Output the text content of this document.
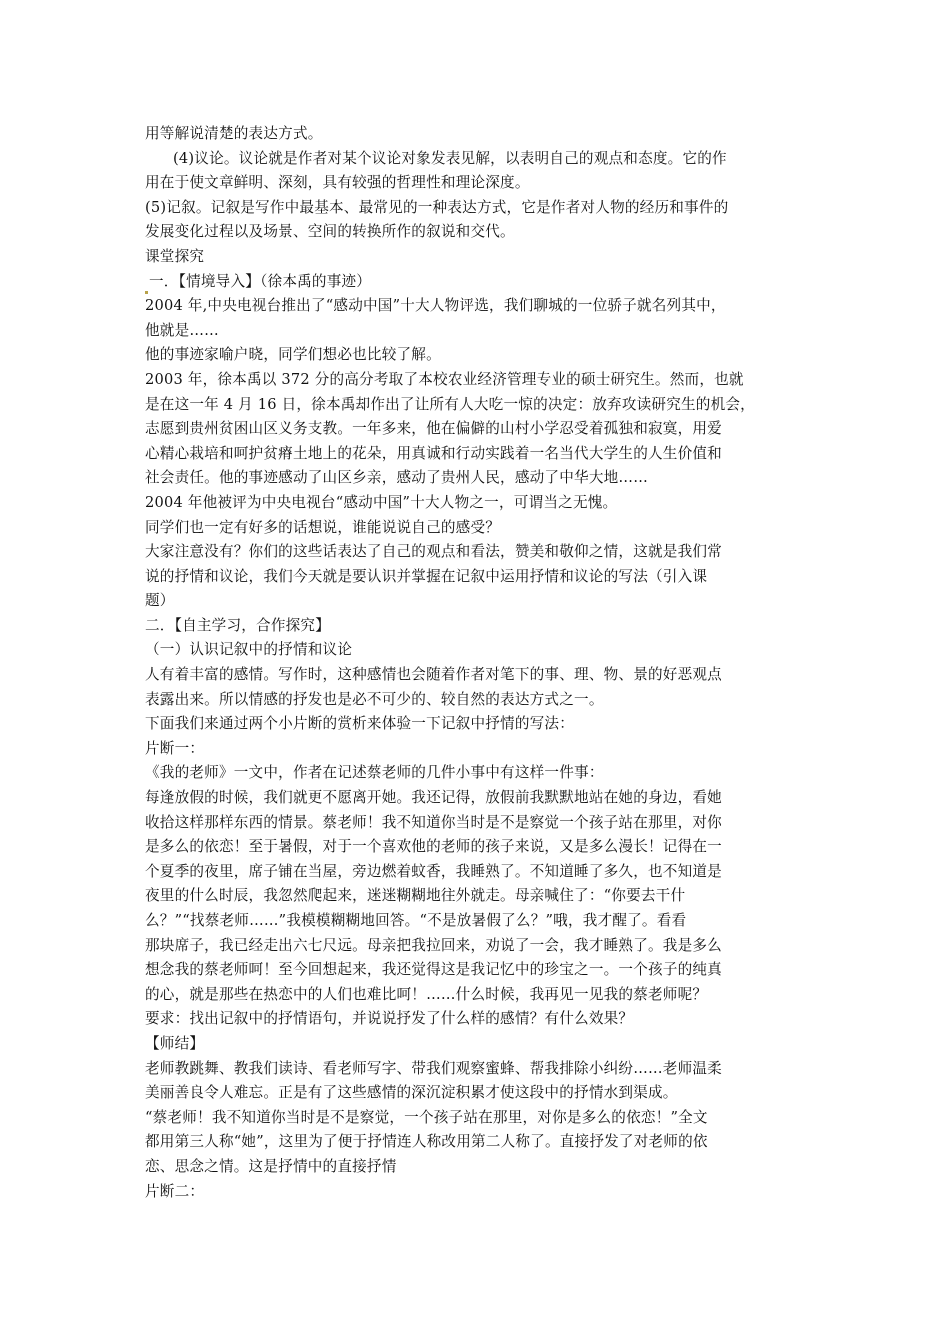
用等解说清楚的表达方式。
(4)议论。议论就是作者对某个议论对象发表见解，以表明自己的观点和态度。它的作
用在于使文章鲜明、深刻，具有较强的哲理性和理论深度。
(5)记叙。记叙是写作中最基本、最常见的一种表达方式，它是作者对人物的经历和事件的
发展变化过程以及场景、空间的转换所作的叙说和交代。
课堂探究
一．【情境导入】（徐本禹的事迹）
2004 年,中央电视台推出了“感动中国”十大人物评选，我们聊城的一位骄子就名列其中，
他就是……
他的事迹家喻户晓，同学们想必也比较了解。
2003 年，徐本禹以 372 分的高分考取了本校农业经济管理专业的硕士研究生。然而，也就
是在这一年 4 月 16 日，徐本禹却作出了让所有人大吃一惊的决定：放弃攻读研究生的机会，
志愿到贵州贫困山区义务支教。一年多来，他在偏僻的山村小学忍受着孤独和寂寞，用爱
心精心栽培和呵护贫瘠土地上的花朵，用真诚和行动实践着一名当代大学生的人生价值和
社会责任。他的事迹感动了山区乡亲，感动了贵州人民，感动了中华大地……
2004 年他被评为中央电视台“感动中国”十大人物之一，可谓当之无愧。
同学们也一定有好多的话想说，谁能说说自己的感受？
大家注意没有？你们的这些话表达了自己的观点和看法，赞美和敬仰之情，这就是我们常
说的抒情和议论，我们今天就是要认识并掌握在记叙中运用抒情和议论的写法（引入课
题）
二．【自主学习，合作探究】
（一）认识记叙中的抒情和议论
人有着丰富的感情。写作时，这种感情也会随着作者对笔下的事、理、物、景的好恶观点
表露出来。所以情感的抒发也是必不可少的、较自然的表达方式之一。
下面我们来通过两个小片断的赏析来体验一下记叙中抒情的写法：
片断一：
《我的老师》一文中，作者在记述蔡老师的几件小事中有这样一件事：
每逢放假的时候，我们就更不愿离开她。我还记得，放假前我默默地站在她的身边，看她
收拾这样那样东西的情景。蔡老师！我不知道你当时是不是察觉一个孩子站在那里，对你
是多么的依恋！至于暑假，对于一个喜欢他的老师的孩子来说，又是多么漫长！记得在一
个夏季的夜里，席子铺在当屋，旁边燃着蚊香，我睡熟了。不知道睡了多久，也不知道是
夜里的什么时辰，我忽然爬起来，迷迷糊糊地往外就走。母亲喊住了：“你要去干什
么？”“找蔡老师……”我模模糊糊地回答。“不是放暑假了么？”哦，我才醒了。看看
那块席子，我已经走出六七尺远。母亲把我拉回来，劝说了一会，我才睡熟了。我是多么
想念我的蔡老师呵！至今回想起来，我还觉得这是我记忆中的珍宝之一。一个孩子的纯真
的心，就是那些在热恋中的人们也难比呵！……什么时候，我再见一见我的蔡老师呢？
要求：找出记叙中的抒情语句，并说说抒发了什么样的感情？有什么效果？
【师结】
老师教跳舞、教我们读诗、看老师写字、带我们观察蜜蜂、帮我排除小纠纷……老师温柔
美丽善良令人难忘。正是有了这些感情的深沉淀积累才使这段中的抒情水到渠成。
“蔡老师！我不知道你当时是不是察觉，一个孩子站在那里，对你是多么的依恋！”全文
都用第三人称“她”，这里为了便于抒情连人称改用第二人称了。直接抒发了对老师的依
恋、思念之情。这是抒情中的直接抒情
片断二：
